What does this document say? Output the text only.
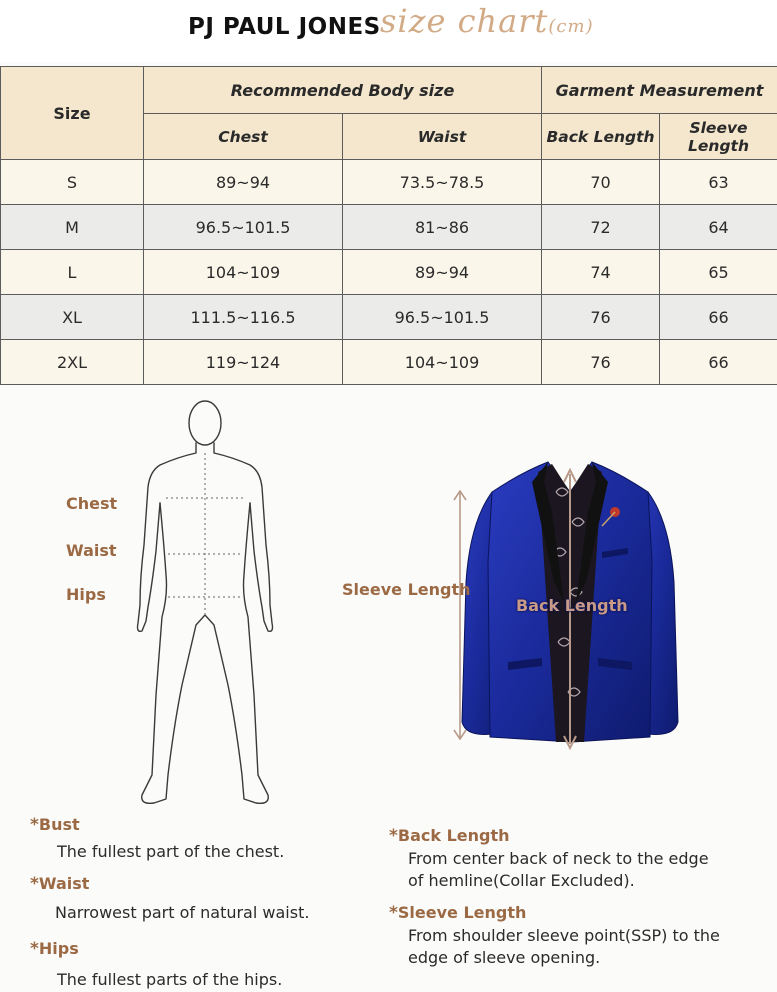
PJ PAUL JONES size chart(cm)
Size	Recommended Body size		Garment Measurement	
	Chest	Waist	Back Length	Sleeve Length
S	89~94	73.5~78.5	70	63
M	96.5~101.5	81~86	72	64
L	104~109	89~94	74	65
XL	111.5~116.5	96.5~101.5	76	66
2XL	119~124	104~109	76	66
Chest
Waist
Hips	Sleeve Length
Back Length
*Bust
The fullest part of the chest.
*Waist
Narrowest part of natural waist.
*Hips
The fullest parts of the hips.
*Back Length
From center back of neck to the edge
of hemline(Collar Excluded).
*Sleeve Length
From shoulder sleeve point(SSP) to the
edge of sleeve opening.
